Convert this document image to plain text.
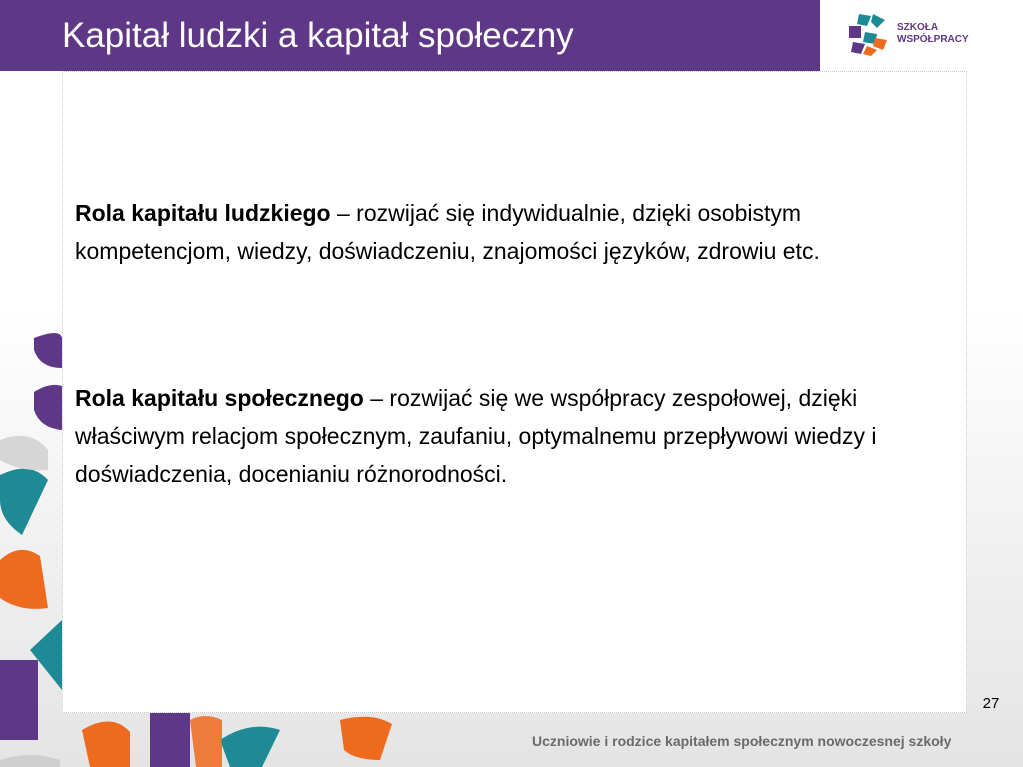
Kapitał ludzki a kapitał społeczny	SZKOŁA
WSPÓŁPRACY

Rola kapitału ludzkiego – rozwijać się indywidualnie, dzięki osobistym kompetencjom, wiedzy, doświadczeniu, znajomości języków, zdrowiu etc.

Rola kapitału społecznego – rozwijać się we współpracy zespołowej, dzięki właściwym relacjom społecznym, zaufaniu, optymalnemu przepływowi wiedzy i doświadczenia, docenianiu różnorodności.

27
Uczniowie i rodzice kapitałem społecznym nowoczesnej szkoły
